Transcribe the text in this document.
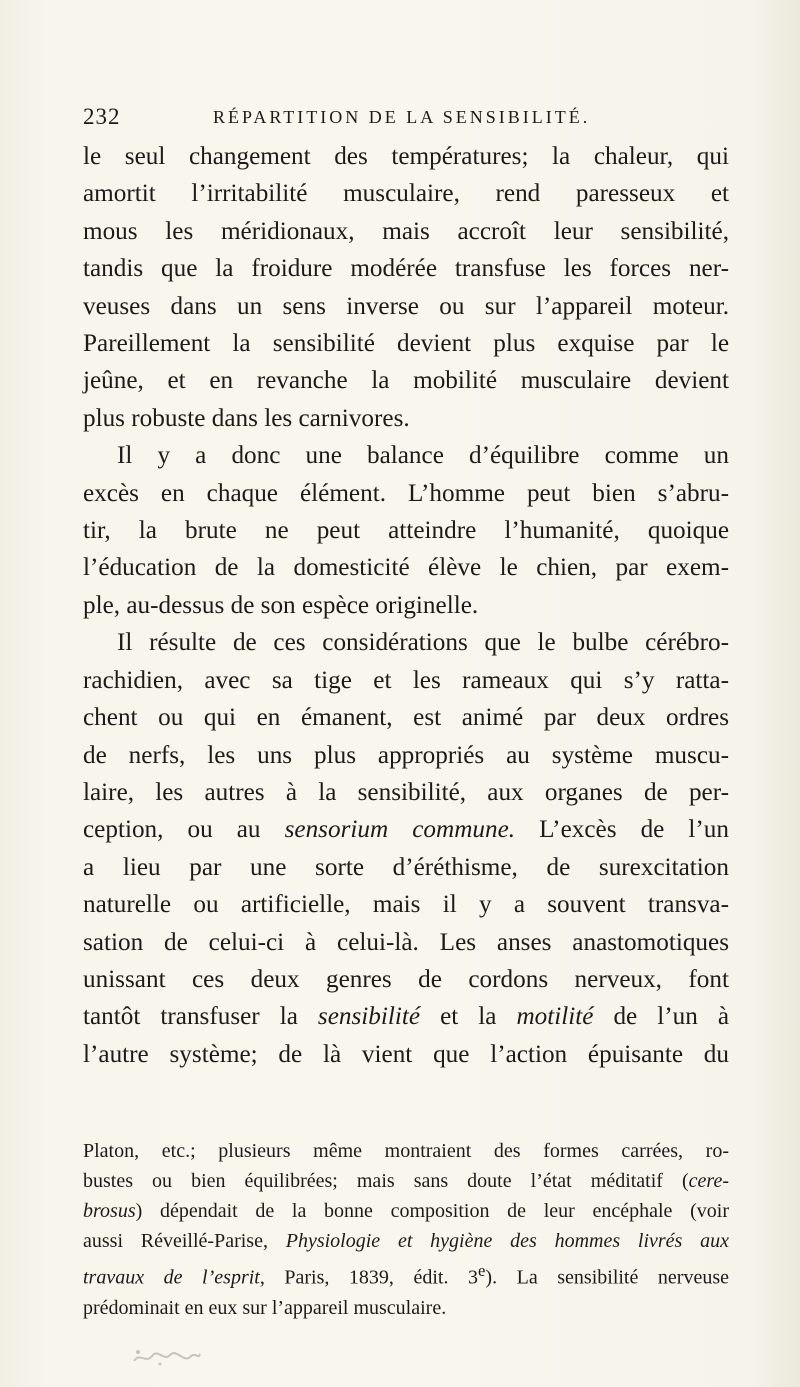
232	RÉPARTITION DE LA SENSIBILITÉ.
le seul changement des températures; la chaleur, qui
amortit l’irritabilité musculaire, rend paresseux et
mous les méridionaux, mais accroît leur sensibilité,
tandis que la froidure modérée transfuse les forces ner-
veuses dans un sens inverse ou sur l’appareil moteur.
Pareillement la sensibilité devient plus exquise par le
jeûne, et en revanche la mobilité musculaire devient
plus robuste dans les carnivores.
Il y a donc une balance d’équilibre comme un
excès en chaque élément. L’homme peut bien s’abru-
tir, la brute ne peut atteindre l’humanité, quoique
l’éducation de la domesticité élève le chien, par exem-
ple, au-dessus de son espèce originelle.
Il résulte de ces considérations que le bulbe cérébro-
rachidien, avec sa tige et les rameaux qui s’y ratta-
chent ou qui en émanent, est animé par deux ordres
de nerfs, les uns plus appropriés au système muscu-
laire, les autres à la sensibilité, aux organes de per-
ception, ou au sensorium commune. L’excès de l’un
a lieu par une sorte d’éréthisme, de surexcitation
naturelle ou artificielle, mais il y a souvent transva-
sation de celui-ci à celui-là. Les anses anastomotiques
unissant ces deux genres de cordons nerveux, font
tantôt transfuser la sensibilité et la motilité de l’un à
l’autre système; de là vient que l’action épuisante du
Platon, etc.; plusieurs même montraient des formes carrées, ro-
bustes ou bien équilibrées; mais sans doute l’état méditatif (cere-
brosus) dépendait de la bonne composition de leur encéphale (voir
aussi Réveillé-Parise, Physiologie et hygiène des hommes livrés aux
travaux de l’esprit, Paris, 1839, édit. 3e). La sensibilité nerveuse
prédominait en eux sur l’appareil musculaire.
